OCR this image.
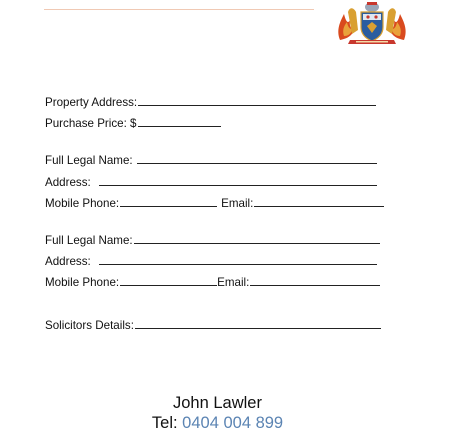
Property Address:
Purchase Price: $
Full Legal Name:
Address:
Mobile Phone:	Email:
Full Legal Name:
Address:
Mobile Phone:	Email:
Solicitors Details:
John Lawler
Tel: 0404 004 899
